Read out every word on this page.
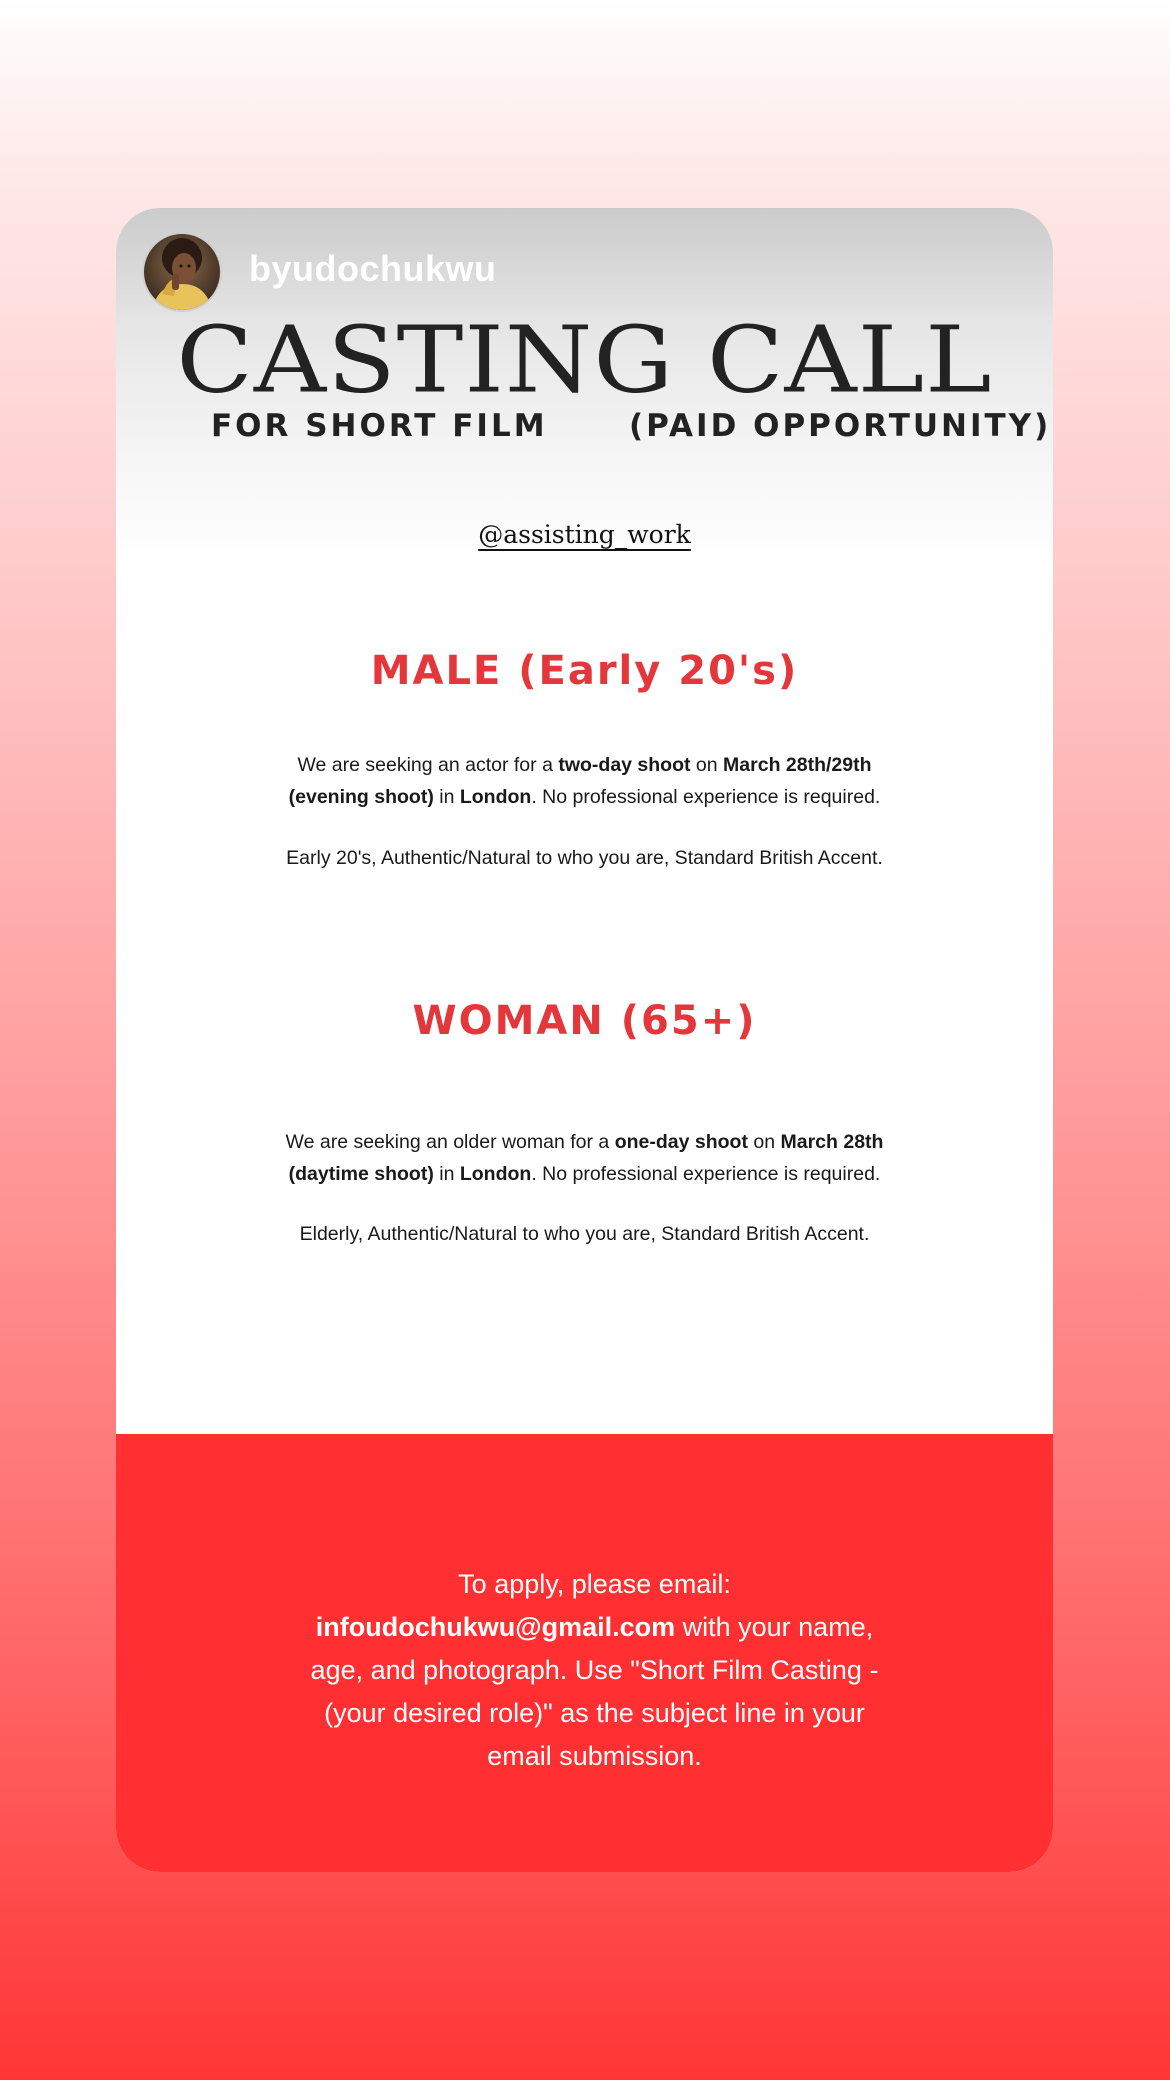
byudochukwu
CASTING CALL
FOR SHORT FILM	(PAID OPPORTUNITY)
@assisting_work
MALE (Early 20's)
We are seeking an actor for a two-day shoot on March 28th/29th (evening shoot) in London. No professional experience is required.
Early 20's, Authentic/Natural to who you are, Standard British Accent.
WOMAN (65+)
We are seeking an older woman for a one-day shoot on March 28th (daytime shoot) in London. No professional experience is required.
Elderly, Authentic/Natural to who you are, Standard British Accent.
To apply, please email:
infoudochukwu@gmail.com with your name, age, and photograph. Use "Short Film Casting - (your desired role)" as the subject line in your email submission.
